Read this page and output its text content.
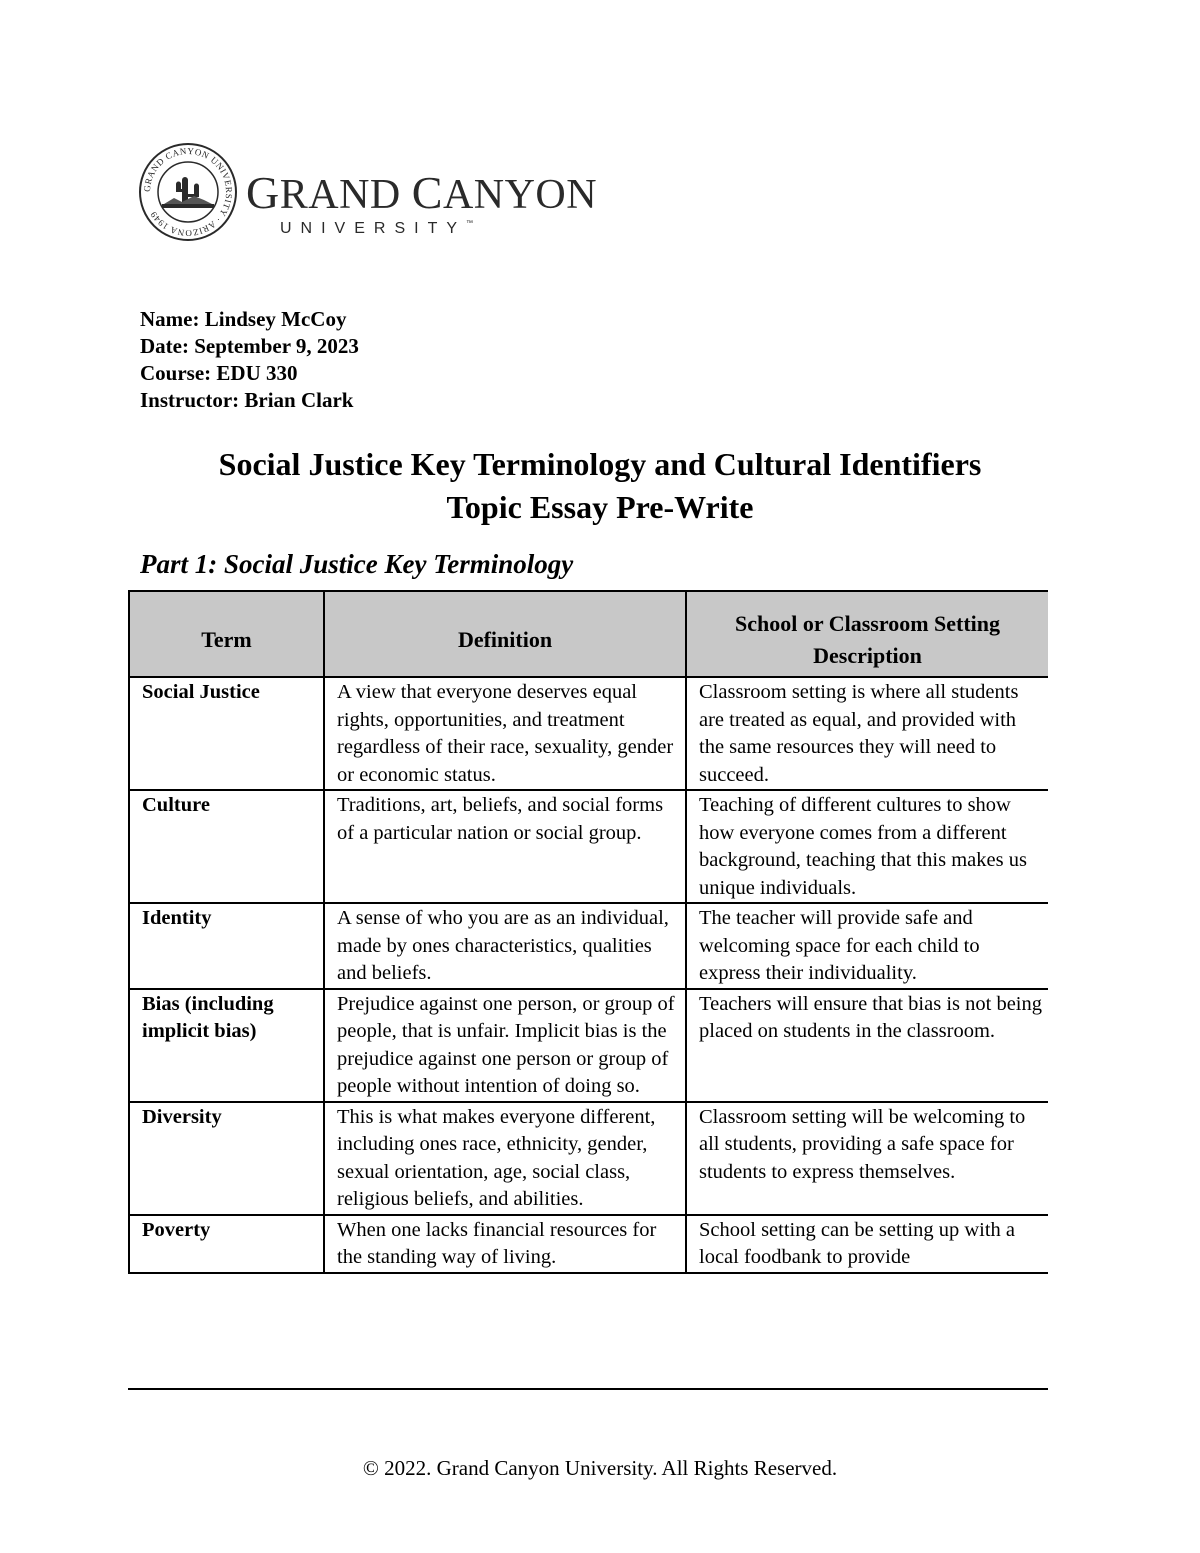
GRAND CANYON UNIVERSITY · ARIZONA 1949	GRAND CANYON
UNIVERSITY™
Name: Lindsey McCoy
Date: September 9, 2023
Course: EDU 330
Instructor: Brian Clark
Social Justice Key Terminology and Cultural Identifiers
Topic Essay Pre-Write
Part 1: Social Justice Key Terminology
Term	Definition	School or Classroom Setting Description
Social Justice	A view that everyone deserves equal rights, opportunities, and treatment regardless of their race, sexuality, gender or economic status.	Classroom setting is where all students are treated as equal, and provided with the same resources they will need to succeed.
Culture	Traditions, art, beliefs, and social forms of a particular nation or social group.	Teaching of different cultures to show how everyone comes from a different background, teaching that this makes us unique individuals.
Identity	A sense of who you are as an individual, made by ones characteristics, qualities and beliefs.	The teacher will provide safe and welcoming space for each child to express their individuality.
Bias (including implicit bias)	Prejudice against one person, or group of people, that is unfair. Implicit bias is the prejudice against one person or group of people without intention of doing so.	Teachers will ensure that bias is not being placed on students in the classroom.
Diversity	This is what makes everyone different, including ones race, ethnicity, gender, sexual orientation, age, social class, religious beliefs, and abilities.	Classroom setting will be welcoming to all students, providing a safe space for students to express themselves.
Poverty	When one lacks financial resources for the standing way of living.	School setting can be setting up with a local foodbank to provide
© 2022. Grand Canyon University. All Rights Reserved.
